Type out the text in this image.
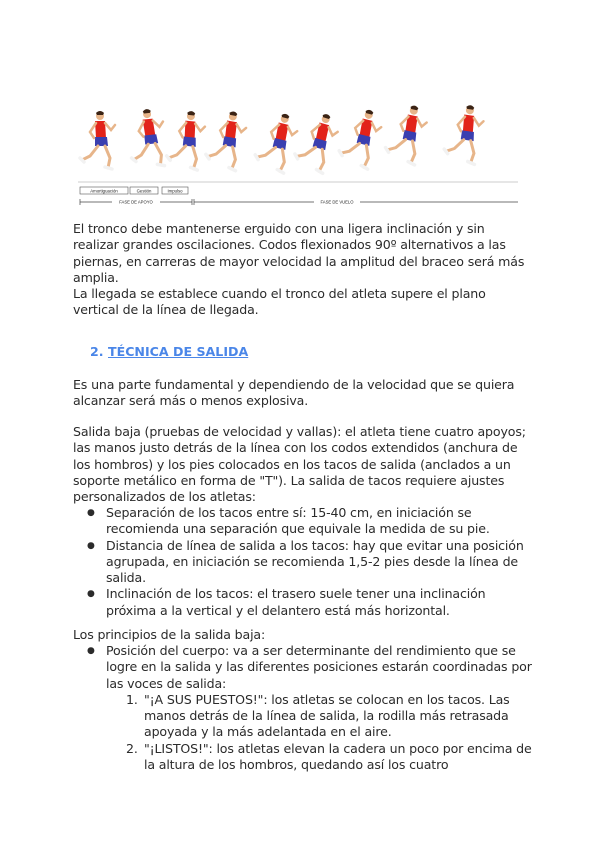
Amortiguación	Gestión	Impulso
FASE DE APOYO	FASE DE VUELO

El tronco debe mantenerse erguido con una ligera inclinación y sin realizar grandes oscilaciones. Codos flexionados 90º alternativos a las piernas, en carreras de mayor velocidad la amplitud del braceo será más amplia.

La llegada se establece cuando el tronco del atleta supere el plano vertical de la línea de llegada.

2. TÉCNICA DE SALIDA

Es una parte fundamental y dependiendo de la velocidad que se quiera alcanzar será más o menos explosiva.

Salida baja (pruebas de velocidad y vallas): el atleta tiene cuatro apoyos; las manos justo detrás de la línea con los codos extendidos (anchura de los hombros) y los pies colocados en los tacos de salida (anclados a un soporte metálico en forma de "T"). La salida de tacos requiere ajustes personalizados de los atletas:

● Separación de los tacos entre sí: 15-40 cm, en iniciación se recomienda una separación que equivale la medida de su pie.
● Distancia de línea de salida a los tacos: hay que evitar una posición agrupada, en iniciación se recomienda 1,5-2 pies desde la línea de salida.
● Inclinación de los tacos: el trasero suele tener una inclinación próxima a la vertical y el delantero está más horizontal.

Los principios de la salida baja:

● Posición del cuerpo: va a ser determinante del rendimiento que se logre en la salida y las diferentes posiciones estarán coordinadas por las voces de salida:
1. "¡A SUS PUESTOS!": los atletas se colocan en los tacos. Las manos detrás de la línea de salida, la rodilla más retrasada apoyada y la más adelantada en el aire.
2. "¡LISTOS!": los atletas elevan la cadera un poco por encima de la altura de los hombros, quedando así los cuatro
